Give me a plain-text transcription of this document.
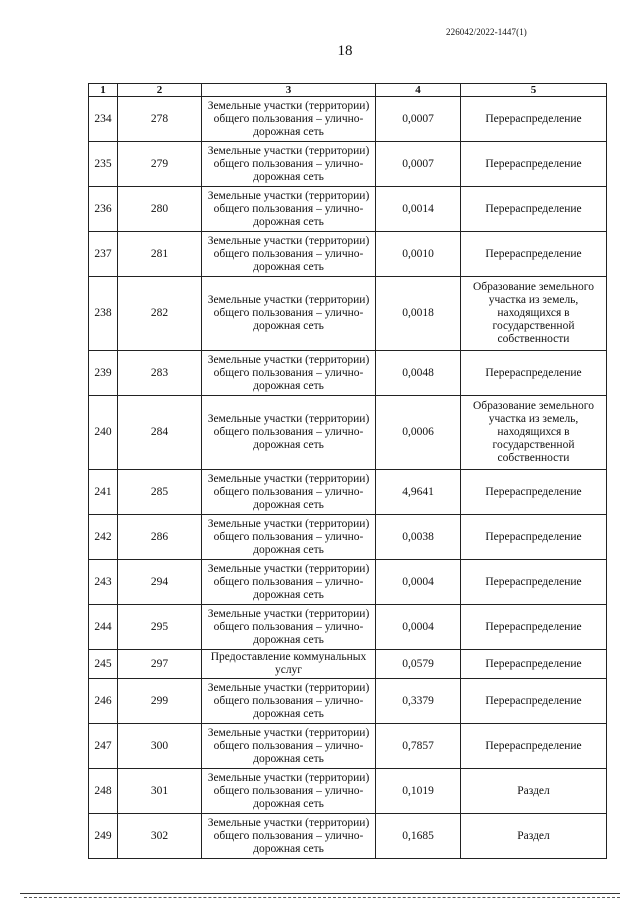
226042/2022-1447(1)
18
1	2	3	4	5
234	278	Земельные участки (территории) общего пользования – улично-дорожная сеть	0,0007	Перераспределение
235	279	Земельные участки (территории) общего пользования – улично-дорожная сеть	0,0007	Перераспределение
236	280	Земельные участки (территории) общего пользования – улично-дорожная сеть	0,0014	Перераспределение
237	281	Земельные участки (территории) общего пользования – улично-дорожная сеть	0,0010	Перераспределение
238	282	Земельные участки (территории) общего пользования – улично-дорожная сеть	0,0018	Образование земельного участка из земель, находящихся в государственной собственности
239	283	Земельные участки (территории) общего пользования – улично-дорожная сеть	0,0048	Перераспределение
240	284	Земельные участки (территории) общего пользования – улично-дорожная сеть	0,0006	Образование земельного участка из земель, находящихся в государственной собственности
241	285	Земельные участки (территории) общего пользования – улично-дорожная сеть	4,9641	Перераспределение
242	286	Земельные участки (территории) общего пользования – улично-дорожная сеть	0,0038	Перераспределение
243	294	Земельные участки (территории) общего пользования – улично-дорожная сеть	0,0004	Перераспределение
244	295	Земельные участки (территории) общего пользования – улично-дорожная сеть	0,0004	Перераспределение
245	297	Предоставление коммунальных услуг	0,0579	Перераспределение
246	299	Земельные участки (территории) общего пользования – улично-дорожная сеть	0,3379	Перераспределение
247	300	Земельные участки (территории) общего пользования – улично-дорожная сеть	0,7857	Перераспределение
248	301	Земельные участки (территории) общего пользования – улично-дорожная сеть	0,1019	Раздел
249	302	Земельные участки (территории) общего пользования – улично-дорожная сеть	0,1685	Раздел
